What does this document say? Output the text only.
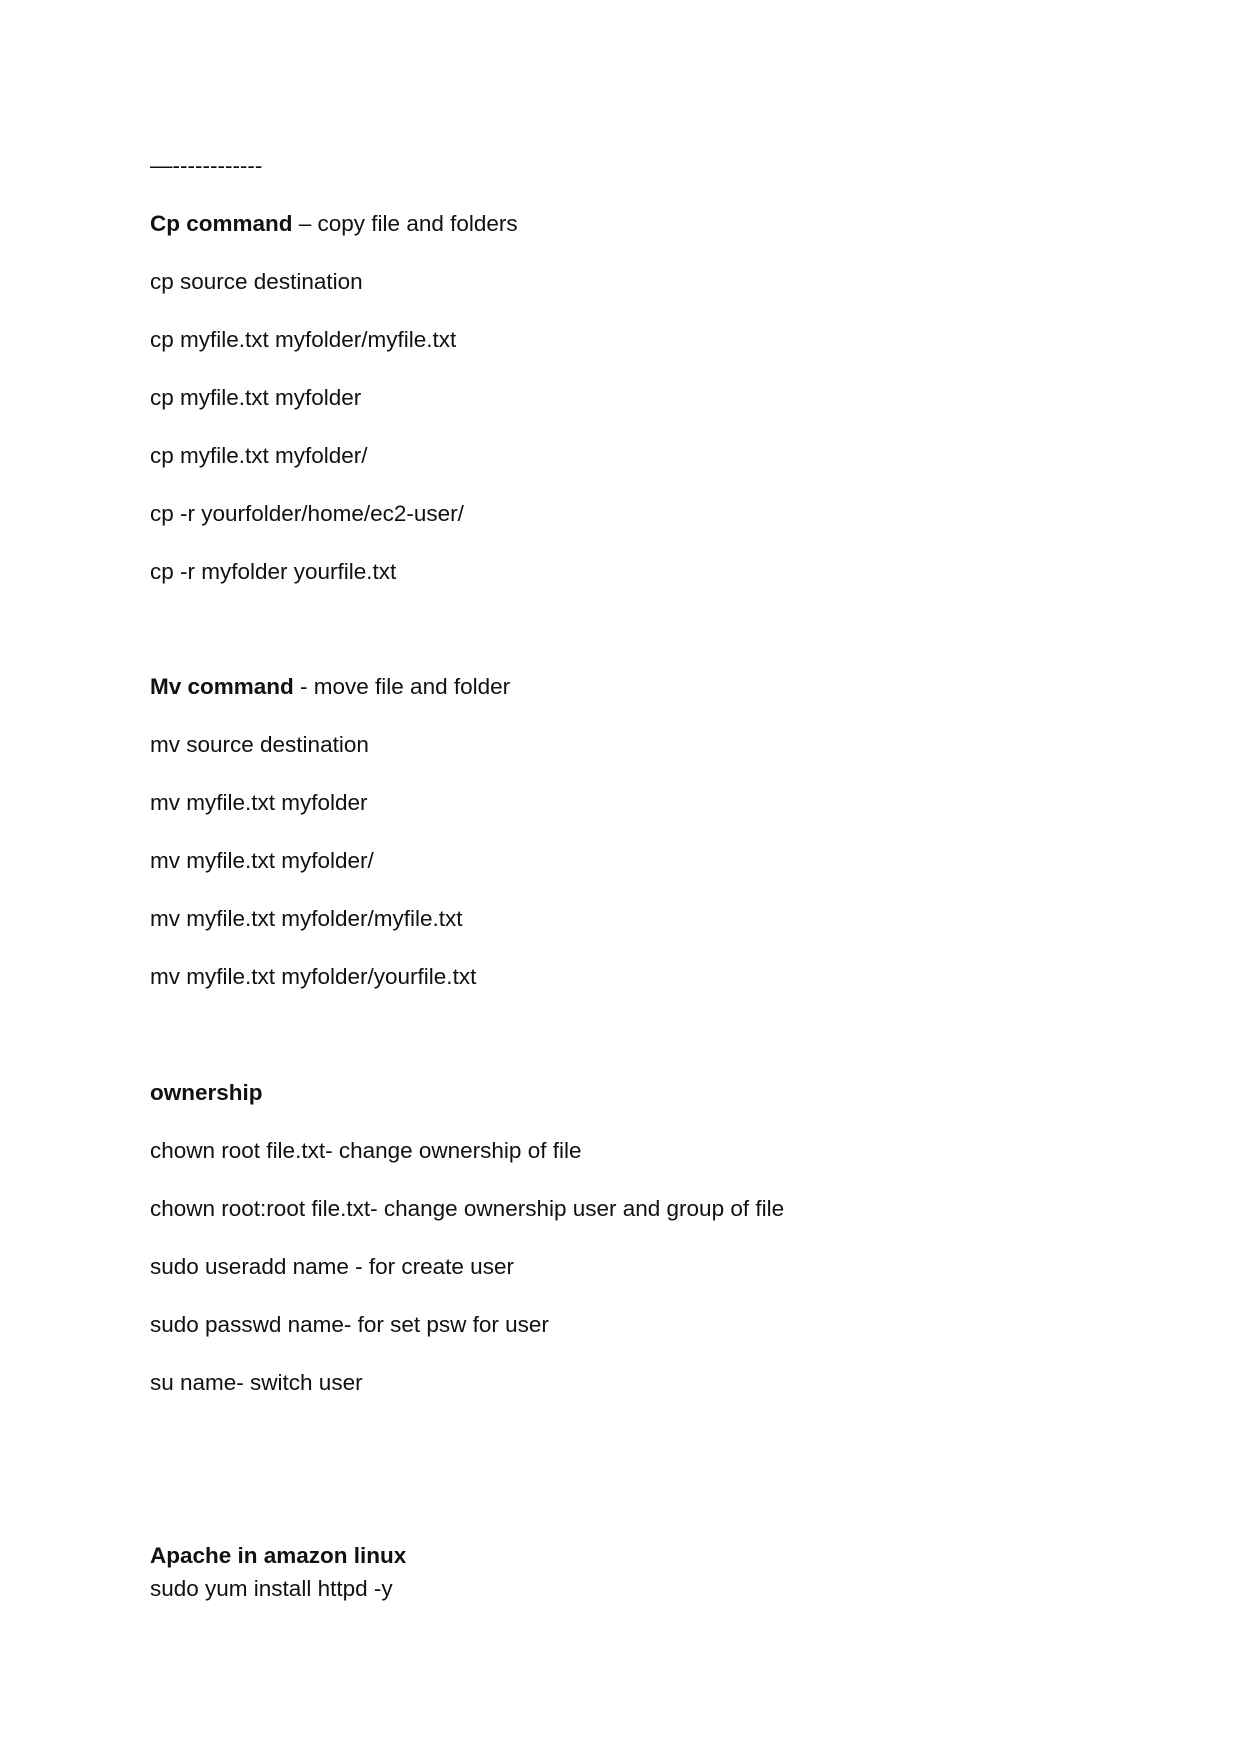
—------------
Cp command – copy file and folders
cp source destination
cp myfile.txt myfolder/myfile.txt
cp myfile.txt myfolder
cp myfile.txt myfolder/
cp -r yourfolder/home/ec2-user/
cp -r myfolder yourfile.txt
Mv command - move file and folder
mv source destination
mv myfile.txt myfolder
mv myfile.txt myfolder/
mv myfile.txt myfolder/myfile.txt
mv myfile.txt myfolder/yourfile.txt
ownership
chown root file.txt- change ownership of file
chown root:root file.txt- change ownership user and group of file
sudo useradd name - for create user
sudo passwd name- for set psw for user
su name- switch user
Apache in amazon linux
sudo yum install httpd -y
